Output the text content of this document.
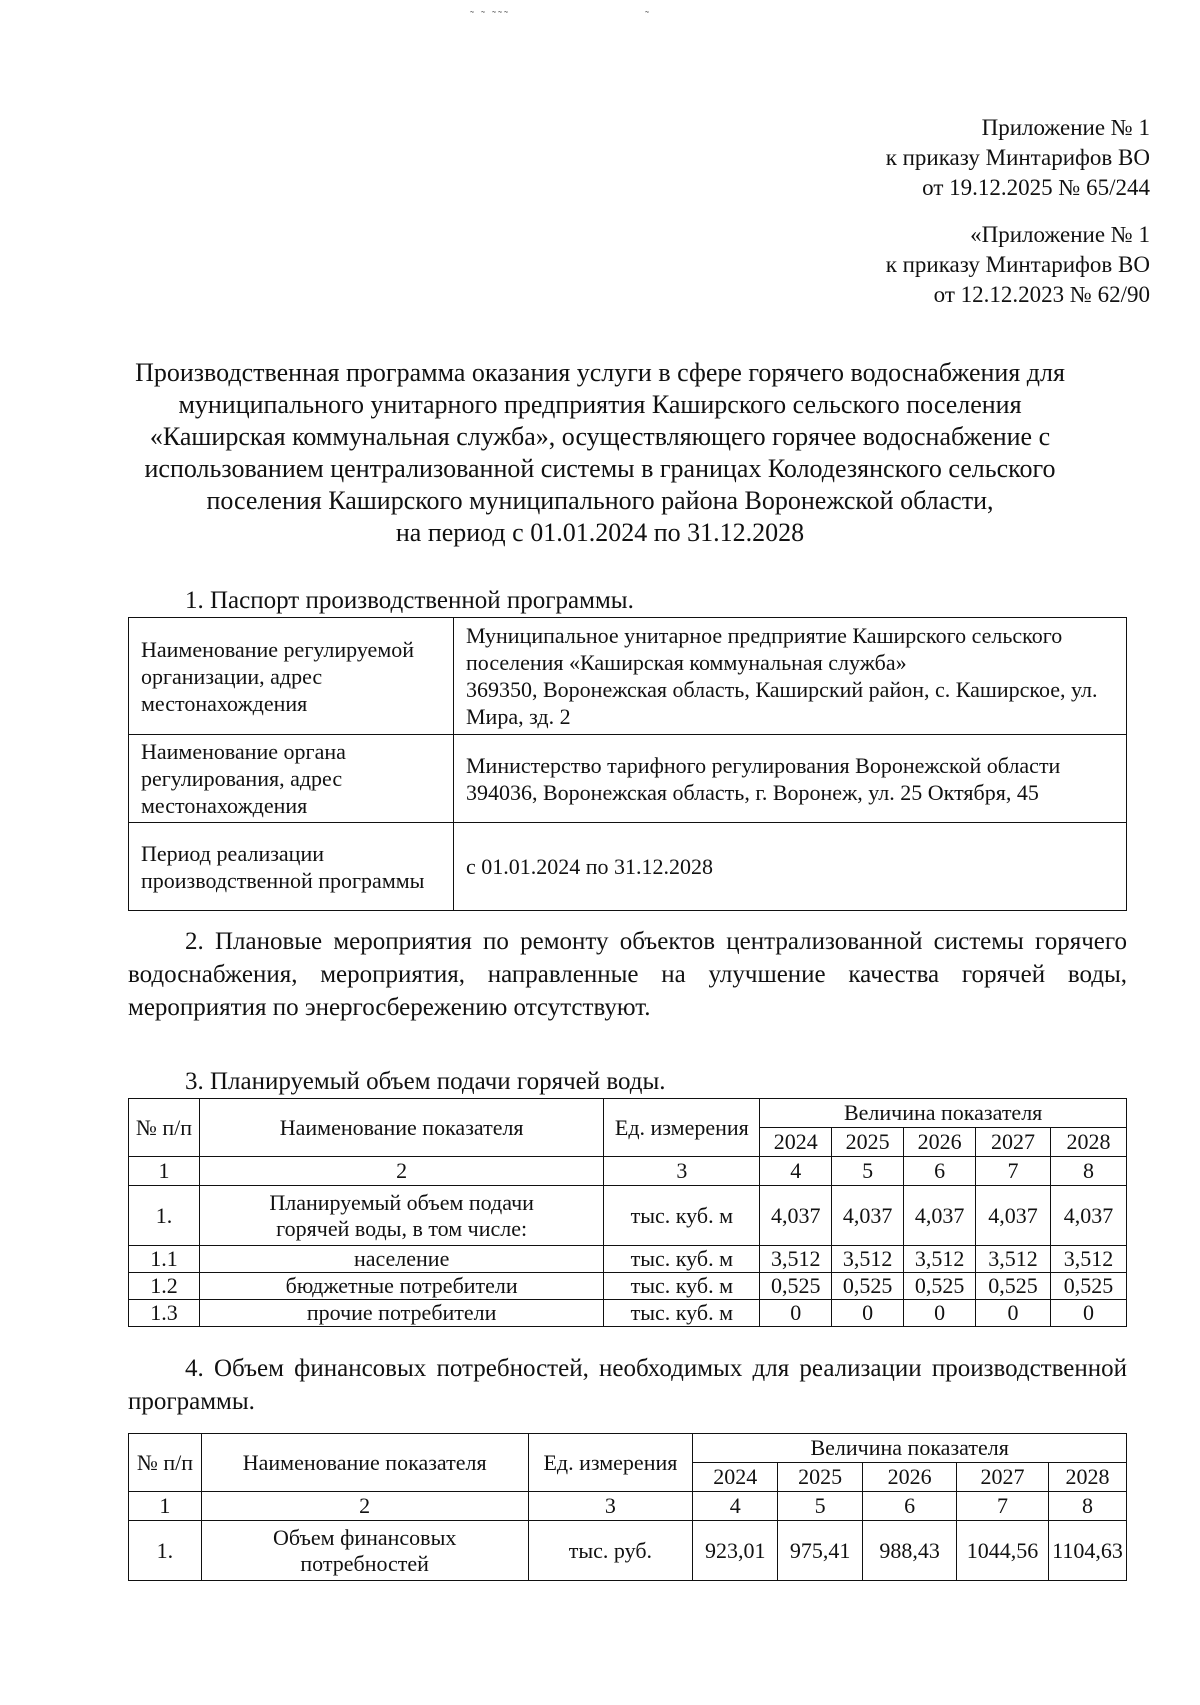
˜ ˜ ˜˜˜	˜
Приложение № 1
к приказу Минтарифов ВО
от 19.12.2025 № 65/244
«Приложение № 1
к приказу Минтарифов ВО
от 12.12.2023 № 62/90
Производственная программа оказания услуги в сфере горячего водоснабжения для
муниципального унитарного предприятия Каширского сельского поселения
«Каширская коммунальная служба», осуществляющего горячее водоснабжение с
использованием централизованной системы в границах Колодезянского сельского
поселения Каширского муниципального района Воронежской области,
на период с 01.01.2024 по 31.12.2028
1. Паспорт производственной программы.
Наименование регулируемой организации, адрес местонахождения	Муниципальное унитарное предприятие Каширского сельского поселения «Каширская коммунальная служба»
369350, Воронежская область, Каширский район, с. Каширское, ул. Мира, зд. 2

Наименование органа регулирования, адрес местонахождения	Министерство тарифного регулирования Воронежской области
394036, Воронежская область, г. Воронеж, ул. 25 Октября, 45

Период реализации производственной программы	с 01.01.2024 по 31.12.2028
2. Плановые мероприятия по ремонту объектов централизованной системы горячего водоснабжения, мероприятия, направленные на улучшение качества горячей воды, мероприятия по энергосбережению отсутствуют.
3. Планируемый объем подачи горячей воды.
№ п/п	Наименование показателя	Ед. измерения	Величина показателя				
			2024	2025	2026	2027	2028
1	2	3	4	5	6	7	8
1.	Планируемый объем подачи горячей воды, в том числе:	тыс. куб. м	4,037	4,037	4,037	4,037	4,037
1.1	население	тыс. куб. м	3,512	3,512	3,512	3,512	3,512
1.2	бюджетные потребители	тыс. куб. м	0,525	0,525	0,525	0,525	0,525
1.3	прочие потребители	тыс. куб. м	0	0	0	0	0
4. Объем финансовых потребностей, необходимых для реализации производственной программы.
№ п/п	Наименование показателя	Ед. измерения	Величина показателя				
			2024	2025	2026	2027	2028
1	2	3	4	5	6	7	8
1.	Объем финансовых потребностей	тыс. руб.	923,01	975,41	988,43	1044,56	1104,63
